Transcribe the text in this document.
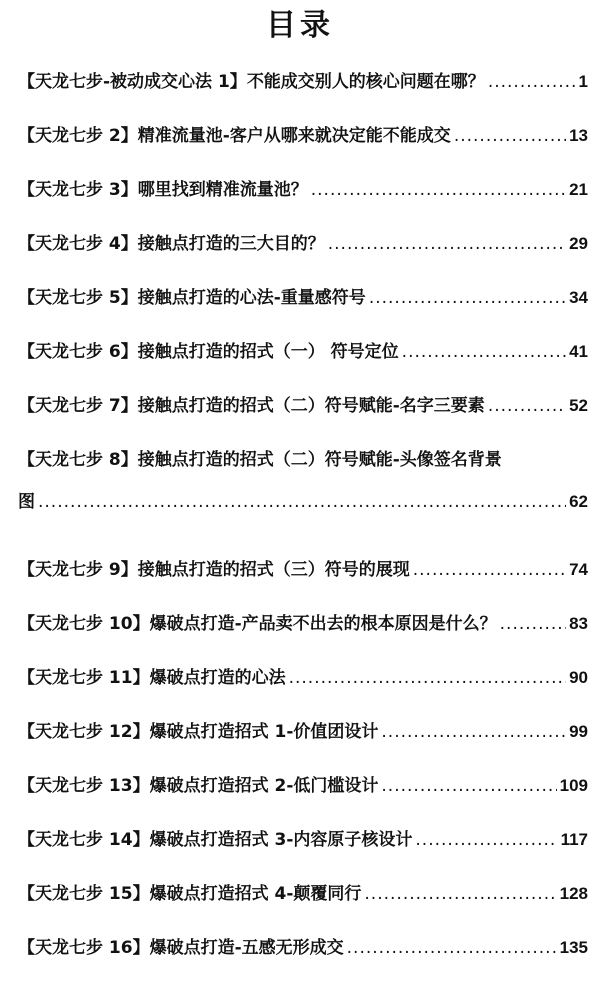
目录
【天龙七步-被动成交心法 1】 不能成交别人的核心问题在哪？ .....	1
【天龙七步 2】 精准流量池-客户从哪来就决定能不能成交 .....	13
【天龙七步 3】 哪里找到精准流量池？ .....	21
【天龙七步 4】 接触点打造的三大目的？ .....	29
【天龙七步 5】 接触点打造的心法-重量感符号 .....	34
【天龙七步 6】 接触点打造的招式（一） 符号定位 .....	41
【天龙七步 7】 接触点打造的招式（二）符号赋能-名字三要素 .....	52
【天龙七步 8】接触点打造的招式（二）符号赋能-头像签名背景
图 .....	62
【天龙七步 9】 接触点打造的招式（三）符号的展现 .....	74
【天龙七步 10】 爆破点打造-产品卖不出去的根本原因是什么？ .....	83
【天龙七步 11】 爆破点打造的心法 .....	90
【天龙七步 12】 爆破点打造招式 1-价值团设计 .....	99
【天龙七步 13】 爆破点打造招式 2-低门槛设计 .....	109
【天龙七步 14】 爆破点打造招式 3-内容原子核设计 .....	117
【天龙七步 15】 爆破点打造招式 4-颠覆同行 .....	128
【天龙七步 16】 爆破点打造-五感无形成交 .....	135
